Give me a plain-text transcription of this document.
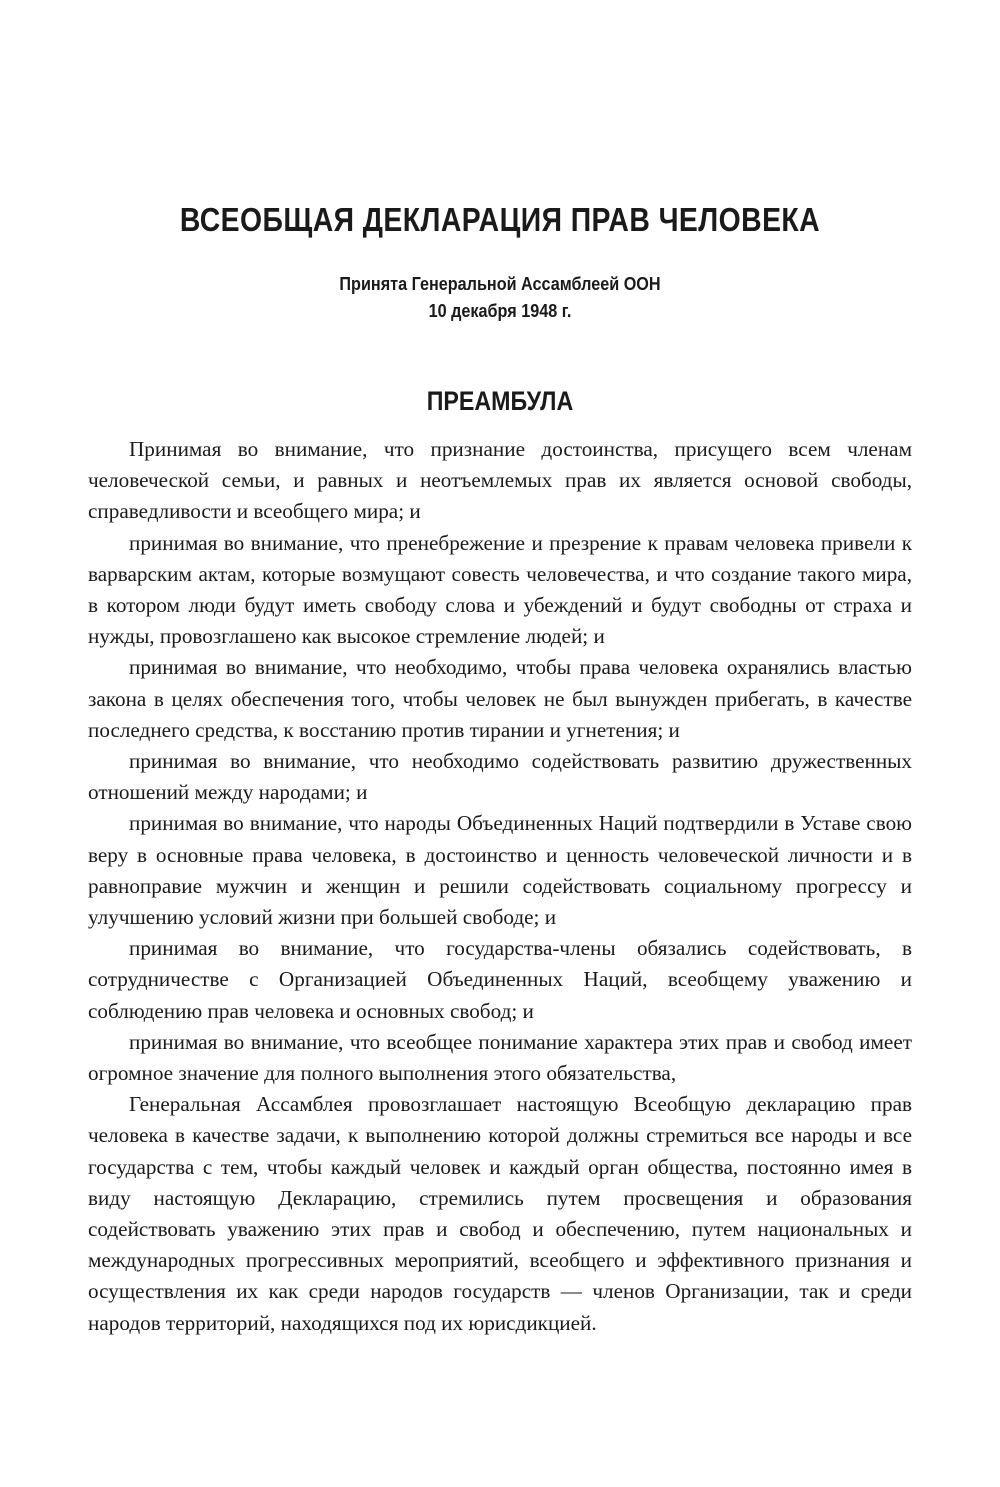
ВСЕОБЩАЯ ДЕКЛАРАЦИЯ ПРАВ ЧЕЛОВЕКА
Принята Генеральной Ассамблеей ООН
10 декабря 1948 г.
ПРЕАМБУЛА

Принимая во внимание, что признание достоинства, присущего всем членам человеческой семьи, и равных и неотъемлемых прав их является основой свободы, справедливости и всеобщего мира; и

принимая во внимание, что пренебрежение и презрение к правам человека привели к варварским актам, которые возмущают совесть человечества, и что создание такого мира, в котором люди будут иметь свободу слова и убеждений и будут свободны от страха и нужды, провозглашено как высокое стремление людей; и

принимая во внимание, что необходимо, чтобы права человека охранялись властью закона в целях обеспечения того, чтобы человек не был вынужден прибегать, в качестве последнего средства, к восстанию против тирании и угнетения; и

принимая во внимание, что необходимо содействовать развитию дружественных отношений между народами; и

принимая во внимание, что народы Объединенных Наций подтвердили в Уставе свою веру в основные права человека, в достоинство и ценность человеческой личности и в равноправие мужчин и женщин и решили содействовать социальному прогрессу и улучшению условий жизни при большей свободе; и

принимая во внимание, что государства-члены обязались содействовать, в сотрудничестве с Организацией Объединенных Наций, всеобщему уважению и соблюдению прав человека и основных свобод; и

принимая во внимание, что всеобщее понимание характера этих прав и свобод имеет огромное значение для полного выполнения этого обязательства,

Генеральная Ассамблея провозглашает настоящую Всеобщую декларацию прав человека в качестве задачи, к выполнению которой должны стремиться все народы и все государства с тем, чтобы каждый человек и каждый орган общества, постоянно имея в виду настоящую Декларацию, стремились путем просвещения и образования содействовать уважению этих прав и свобод и обеспечению, путем национальных и международных прогрессивных мероприятий, всеобщего и эффективного признания и осуществления их как среди народов государств — членов Организации, так и среди народов территорий, находящихся под их юрисдикцией.
